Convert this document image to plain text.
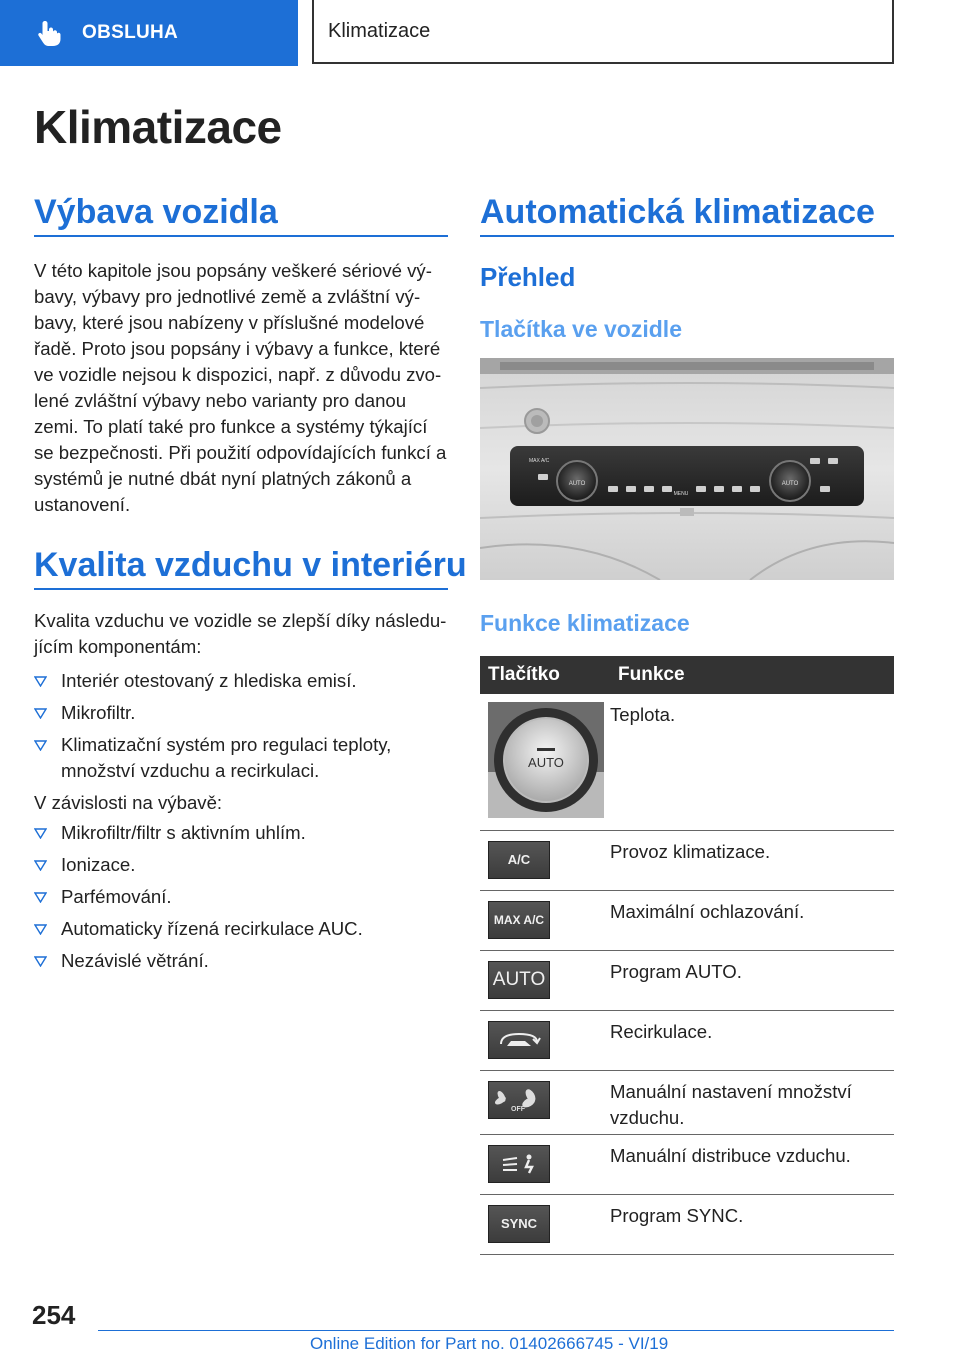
OBSLUHA	Klimatizace
Klimatizace
Výbava vozidla
V této kapitole jsou popsány veškeré sériové vý-
bavy, výbavy pro jednotlivé země a zvláštní vý-
bavy, které jsou nabízeny v příslušné modelové
řadě. Proto jsou popsány i výbavy a funkce, které
ve vozidle nejsou k dispozici, např. z důvodu zvo-
lené zvláštní výbavy nebo varianty pro danou
zemi. To platí také pro funkce a systémy týkající
se bezpečnosti. Při použití odpovídajících funkcí a
systémů je nutné dbát nyní platných zákonů a
ustanovení.
Kvalita vzduchu v interiéru
Kvalita vzduchu ve vozidle se zlepší díky následu-
jícím komponentám:
Interiér otestovaný z hlediska emisí.
Mikrofiltr.
Klimatizační systém pro regulaci teploty, množství vzduchu a recirkulaci.
V závislosti na výbavě:
Mikrofiltr/filtr s aktivním uhlím.
Ionizace.
Parfémování.
Automaticky řízená recirkulace AUC.
Nezávislé větrání.
Automatická klimatizace
Přehled
Tlačítka ve vozidle
AUTO	AUTO
MAX A/C
MENU
Funkce klimatizace
Tlačítko	Funkce

AUTO	Teplota.

A/C	Provoz klimatizace.

MAX A/C	Maximální ochlazování.

AUTO	Program AUTO.

	Recirkulace.

OFF	Manuální nastavení množství vzduchu.

	Manuální distribuce vzduchu.

SYNC	Program SYNC.
254
Online Edition for Part no. 01402666745 - VI/19
